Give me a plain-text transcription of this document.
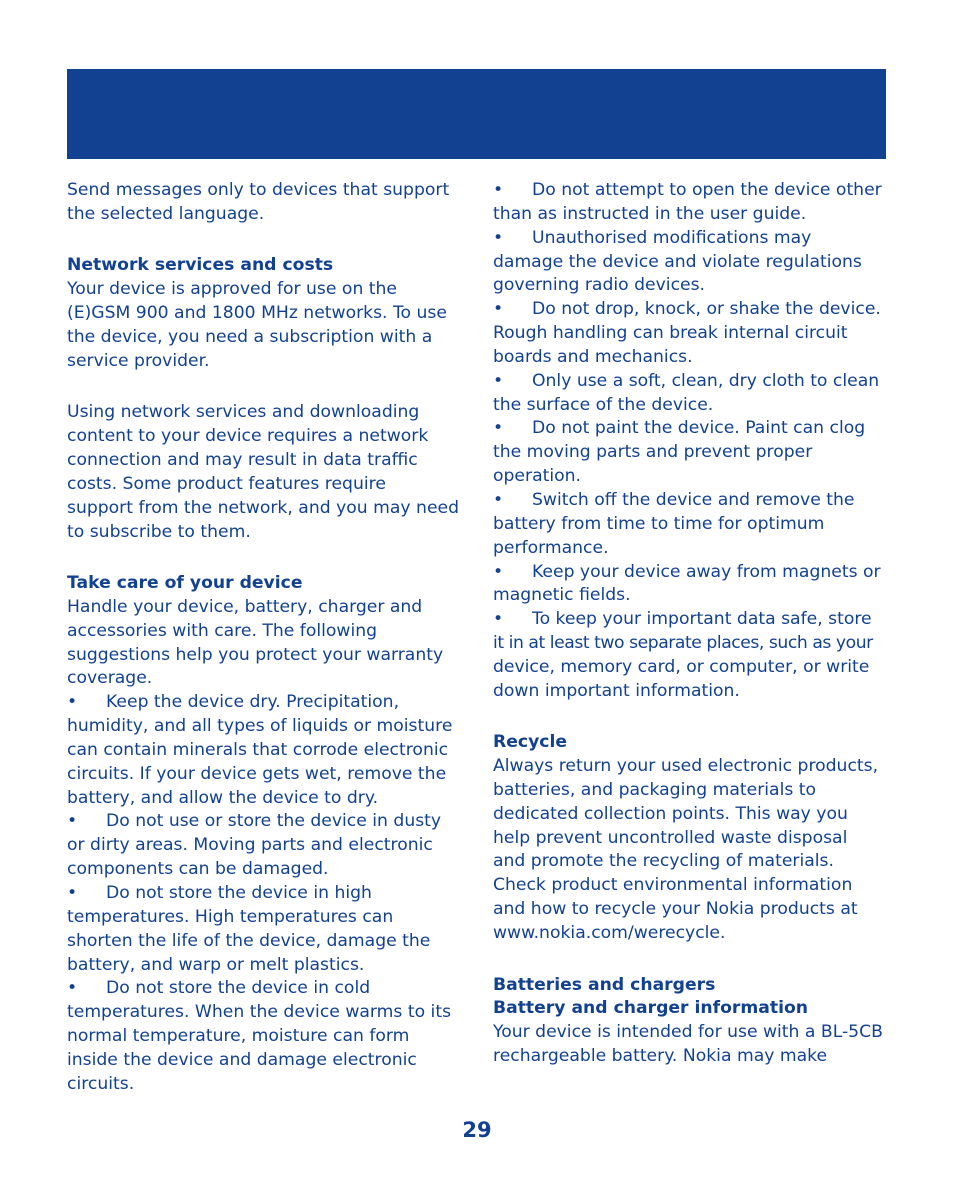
Send messages only to devices that support
the selected language.

Network services and costs

Your device is approved for use on the
(E)GSM 900 and 1800 MHz networks. To use
the device, you need a subscription with a
service provider.

Using network services and downloading
content to your device requires a network
connection and may result in data traffic
costs. Some product features require
support from the network, and you may need
to subscribe to them.

Take care of your device

Handle your device, battery, charger and
accessories with care. The following
suggestions help you protect your warranty
coverage.

• Keep the device dry. Precipitation,
humidity, and all types of liquids or moisture
can contain minerals that corrode electronic
circuits. If your device gets wet, remove the
battery, and allow the device to dry.

• Do not use or store the device in dusty
or dirty areas. Moving parts and electronic
components can be damaged.

• Do not store the device in high
temperatures. High temperatures can
shorten the life of the device, damage the
battery, and warp or melt plastics.

• Do not store the device in cold
temperatures. When the device warms to its
normal temperature, moisture can form
inside the device and damage electronic
circuits.

• Do not attempt to open the device other
than as instructed in the user guide.

• Unauthorised modifications may
damage the device and violate regulations
governing radio devices.

• Do not drop, knock, or shake the device.
Rough handling can break internal circuit
boards and mechanics.

• Only use a soft, clean, dry cloth to clean
the surface of the device.

• Do not paint the device. Paint can clog
the moving parts and prevent proper
operation.

• Switch off the device and remove the
battery from time to time for optimum
performance.

• Keep your device away from magnets or
magnetic fields.

• To keep your important data safe, store
it in at least two separate places, such as your
device, memory card, or computer, or write
down important information.

Recycle

Always return your used electronic products,
batteries, and packaging materials to
dedicated collection points. This way you
help prevent uncontrolled waste disposal
and promote the recycling of materials.
Check product environmental information
and how to recycle your Nokia products at
www.nokia.com/werecycle.

Batteries and chargers

Battery and charger information

Your device is intended for use with a BL-5CB
rechargeable battery. Nokia may make

29
